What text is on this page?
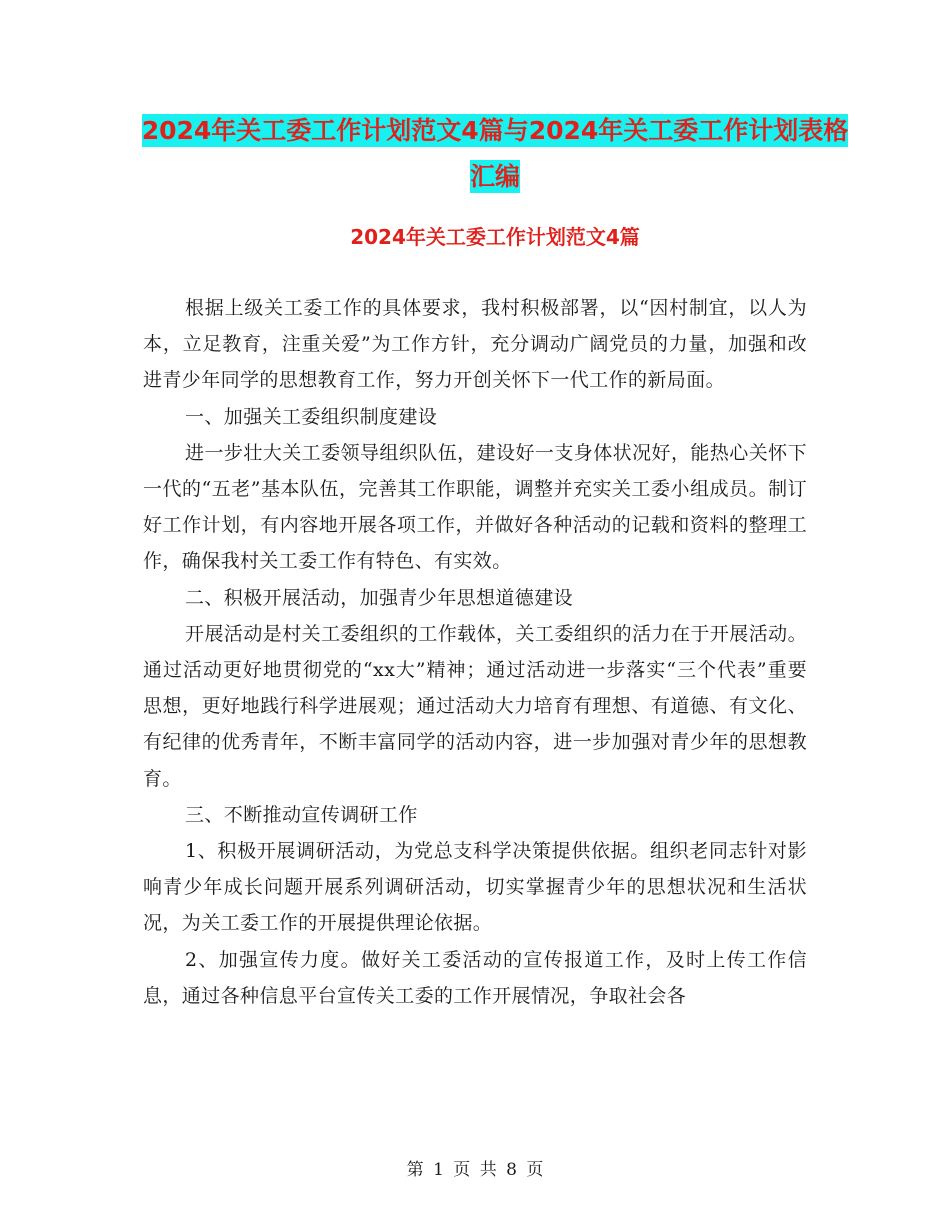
2024年关工委工作计划范文4篇与2024年关工委工作计划表格汇编
2024年关工委工作计划范文4篇

根据上级关工委工作的具体要求，我村积极部署，以“因村制宜，以人为本，立足教育，注重关爱”为工作方针，充分调动广阔党员的力量，加强和改进青少年同学的思想教育工作，努力开创关怀下一代工作的新局面。

一、加强关工委组织制度建设

进一步壮大关工委领导组织队伍，建设好一支身体状况好，能热心关怀下一代的“五老”基本队伍，完善其工作职能，调整并充实关工委小组成员。制订好工作计划，有内容地开展各项工作，并做好各种活动的记载和资料的整理工作，确保我村关工委工作有特色、有实效。

二、积极开展活动，加强青少年思想道德建设

开展活动是村关工委组织的工作载体，关工委组织的活力在于开展活动。通过活动更好地贯彻党的“xx大”精神；通过活动进一步落实“三个代表”重要思想，更好地践行科学进展观；通过活动大力培育有理想、有道德、有文化、有纪律的优秀青年，不断丰富同学的活动内容，进一步加强对青少年的思想教育。

三、不断推动宣传调研工作

1、积极开展调研活动，为党总支科学决策提供依据。组织老同志针对影响青少年成长问题开展系列调研活动，切实掌握青少年的思想状况和生活状况，为关工委工作的开展提供理论依据。

2、加强宣传力度。做好关工委活动的宣传报道工作，及时上传工作信息，通过各种信息平台宣传关工委的工作开展情况，争取社会各

第 1 页 共 8 页
